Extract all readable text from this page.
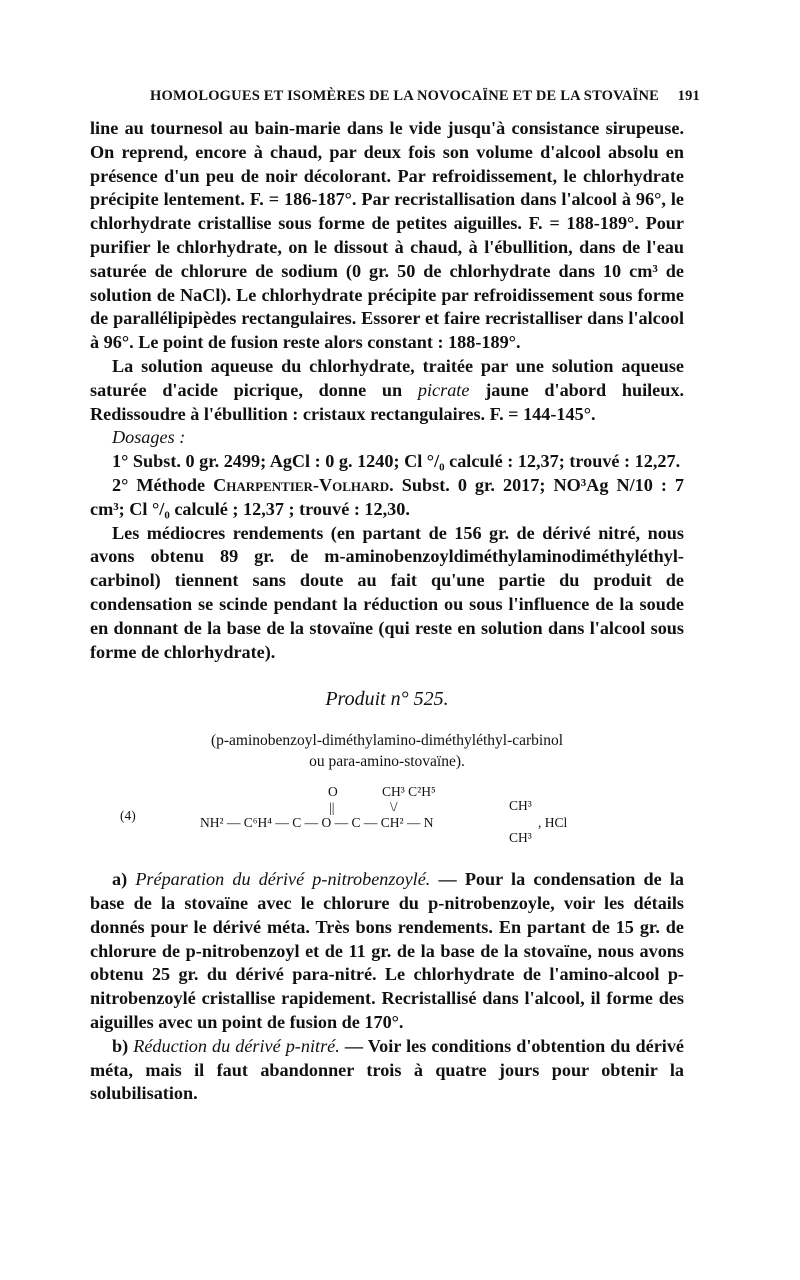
HOMOLOGUES ET ISOMÈRES DE LA NOVOCAÏNE ET DE LA STOVAÏNE 191

line au tournesol au bain-marie dans le vide jusqu'à consistance sirupeuse. On reprend, encore à chaud, par deux fois son volume d'alcool absolu en présence d'un peu de noir décolorant. Par refroidissement, le chlorhydrate précipite lentement. F. = 186-187°. Par recristallisation dans l'alcool à 96°, le chlorhydrate cristallise sous forme de petites aiguilles. F. = 188-189°. Pour purifier le chlorhydrate, on le dissout à chaud, à l'ébullition, dans de l'eau saturée de chlorure de sodium (0 gr. 50 de chlorhydrate dans 10 cm³ de solution de NaCl). Le chlorhydrate précipite par refroidissement sous forme de parallélipipèdes rectangulaires. Essorer et faire recristalliser dans l'alcool à 96°. Le point de fusion reste alors constant : 188-189°.

La solution aqueuse du chlorhydrate, traitée par une solution aqueuse saturée d'acide picrique, donne un picrate jaune d'abord huileux. Redissoudre à l'ébullition : cristaux rectangulaires. F. = 144-145°.

Dosages :

1° Subst. 0 gr. 2499; AgCl : 0 g. 1240; Cl °/₀ calculé : 12,37; trouvé : 12,27.

2° Méthode Charpentier-Volhard. Subst. 0 gr. 2017; NO³Ag N/10 : 7 cm³; Cl °/₀ calculé ; 12,37 ; trouvé : 12,30.

Les médiocres rendements (en partant de 156 gr. de dérivé nitré, nous avons obtenu 89 gr. de m-aminobenzoyldiméthylaminodiméthyléthyl-carbinol) tiennent sans doute au fait qu'une partie du produit de condensation se scinde pendant la réduction ou sous l'influence de la soude en donnant de la base de la stovaïne (qui reste en solution dans l'alcool sous forme de chlorhydrate).

Produit n° 525.

(p-aminobenzoyl-diméthylamino-diméthyléthyl-carbinol

ou para-amino-stovaïne).

O	CH³ C²H⁵
||	\/	CH³
(4)	NH² — C⁶H⁴ — C — O — C — CH² — N	, HCl
CH³

a) Préparation du dérivé p-nitrobenzoylé. — Pour la condensation de la base de la stovaïne avec le chlorure du p-nitrobenzoyle, voir les détails donnés pour le dérivé méta. Très bons rendements. En partant de 15 gr. de chlorure de p-nitrobenzoyl et de 11 gr. de la base de la stovaïne, nous avons obtenu 25 gr. du dérivé para-nitré. Le chlorhydrate de l'amino-alcool p-nitrobenzoylé cristallise rapidement. Recristallisé dans l'alcool, il forme des aiguilles avec un point de fusion de 170°.

b) Réduction du dérivé p-nitré. — Voir les conditions d'obtention du dérivé méta, mais il faut abandonner trois à quatre jours pour obtenir la solubilisation.
